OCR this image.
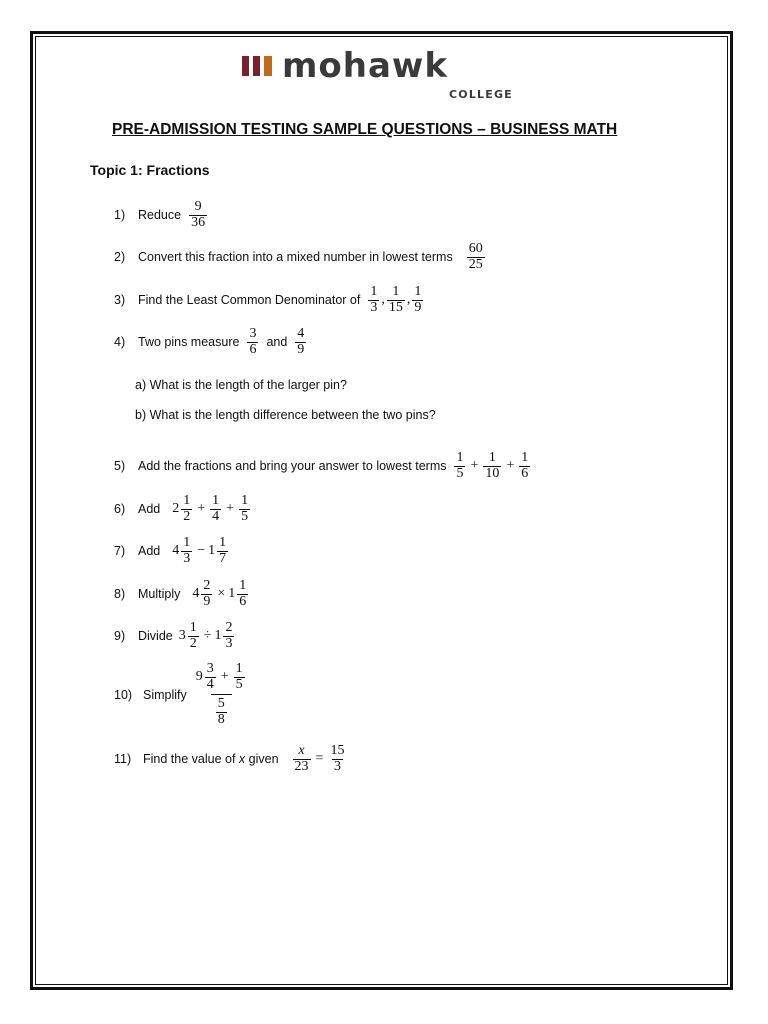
mohawk
COLLEGE
PRE-ADMISSION TESTING SAMPLE QUESTIONS – BUSINESS MATH
Topic 1: Fractions
1)	Reduce $\frac{9}{36}$
2)	Convert this fraction into a mixed number in lowest terms $\frac{60}{25}$
3)	Find the Least Common Denominator of $\frac{1}{3}$ , $\frac{1}{15}$ , $\frac{1}{9}$
4)	Two pins measure $\frac{3}{6}$ and $\frac{4}{9}$
a) What is the length of the larger pin?
b) What is the length difference between the two pins?
5)	Add the fractions and bring your answer to lowest terms $\frac{1}{5} + \frac{1}{10} + \frac{1}{6}$
6)	Add $2 \frac{1}{2} + \frac{1}{4} + \frac{1}{5}$
7)	Add $4 \frac{1}{3} - 1 \frac{1}{7}$
8)	Multiply $4 \frac{2}{9} \times 1 \frac{1}{6}$
9)	Divide $3 \frac{1}{2} \div 1 \frac{2}{3}$
10) Simplify
$9 \frac{3}{4} + \frac{1}{5}$
$\frac{5}{8}$
11) Find the value of
x
given $\frac{x}{23} = \frac{15}{3}$
